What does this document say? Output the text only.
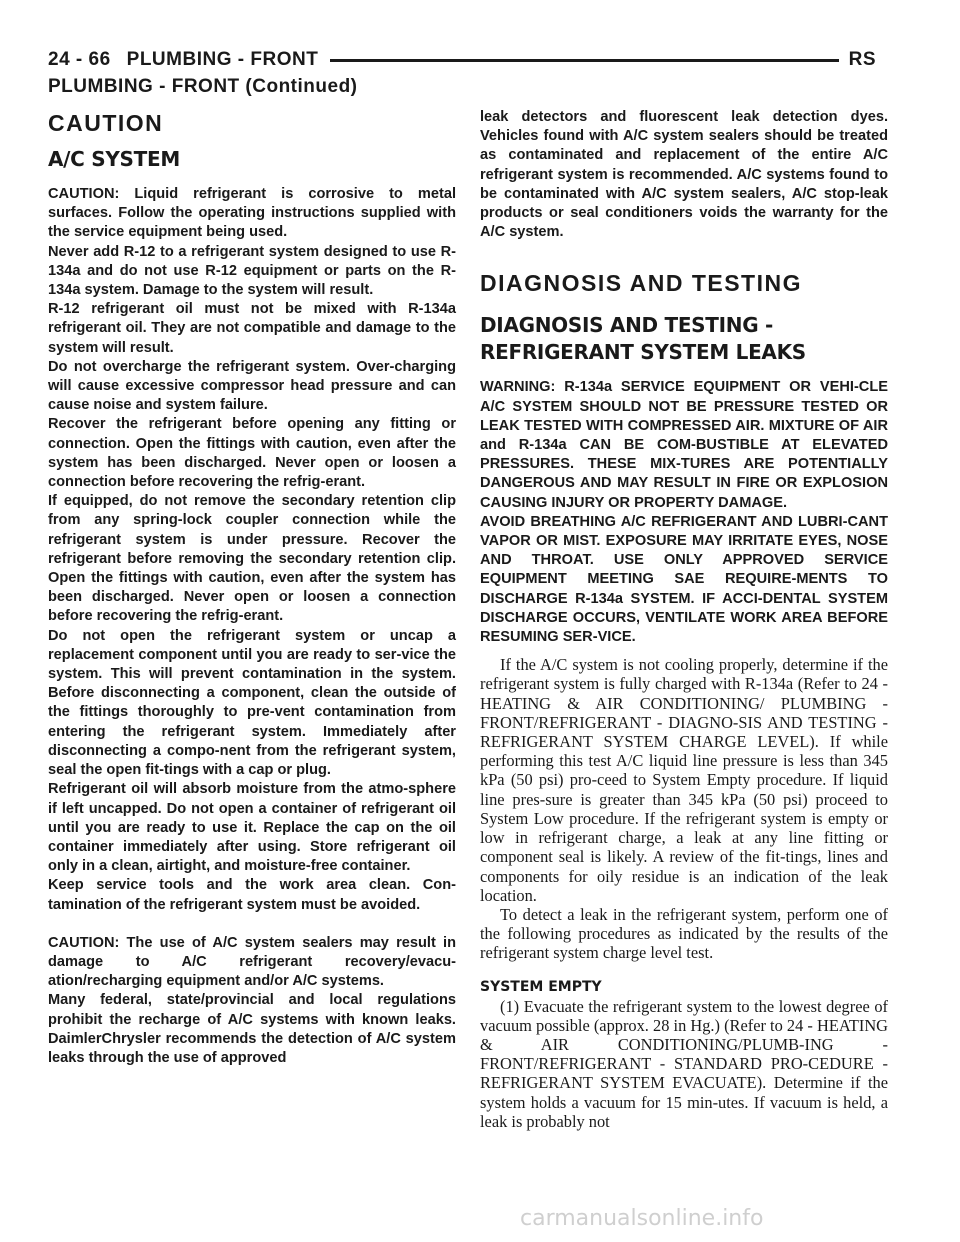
24 - 66 PLUMBING - FRONT	RS
PLUMBING - FRONT (Continued)
CAUTION
A/C SYSTEM

CAUTION: Liquid refrigerant is corrosive to metal surfaces. Follow the operating instructions supplied with the service equipment being used.

Never add R-12 to a refrigerant system designed to use R-134a and do not use R-12 equipment or parts on the R-134a system. Damage to the system will result.

R-12 refrigerant oil must not be mixed with R-134a refrigerant oil. They are not compatible and damage to the system will result.

Do not overcharge the refrigerant system. Over-charging will cause excessive compressor head pressure and can cause noise and system failure.

Recover the refrigerant before opening any fitting or connection. Open the fittings with caution, even after the system has been discharged. Never open or loosen a connection before recovering the refrig-erant.

If equipped, do not remove the secondary retention clip from any spring-lock coupler connection while the refrigerant system is under pressure. Recover the refrigerant before removing the secondary retention clip. Open the fittings with caution, even after the system has been discharged. Never open or loosen a connection before recovering the refrig-erant.

Do not open the refrigerant system or uncap a replacement component until you are ready to ser-vice the system. This will prevent contamination in the system. Before disconnecting a component, clean the outside of the fittings thoroughly to pre-vent contamination from entering the refrigerant system. Immediately after disconnecting a compo-nent from the refrigerant system, seal the open fit-tings with a cap or plug.

Refrigerant oil will absorb moisture from the atmo-sphere if left uncapped. Do not open a container of refrigerant oil until you are ready to use it. Replace the cap on the oil container immediately after using. Store refrigerant oil only in a clean, airtight, and moisture-free container.

Keep service tools and the work area clean. Con-tamination of the refrigerant system must be avoided.

CAUTION: The use of A/C system sealers may result in damage to A/C refrigerant recovery/evacu-ation/recharging equipment and/or A/C systems.

Many federal, state/provincial and local regulations prohibit the recharge of A/C systems with known leaks. DaimlerChrysler recommends the detection of A/C system leaks through the use of approved

leak detectors and fluorescent leak detection dyes. Vehicles found with A/C system sealers should be treated as contaminated and replacement of the entire A/C refrigerant system is recommended. A/C systems found to be contaminated with A/C system sealers, A/C stop-leak products or seal conditioners voids the warranty for the A/C system.

DIAGNOSIS AND TESTING
DIAGNOSIS AND TESTING - REFRIGERANT SYSTEM LEAKS

WARNING: R-134a SERVICE EQUIPMENT OR VEHI-CLE A/C SYSTEM SHOULD NOT BE PRESSURE TESTED OR LEAK TESTED WITH COMPRESSED AIR. MIXTURE OF AIR and R-134a CAN BE COM-BUSTIBLE AT ELEVATED PRESSURES. THESE MIX-TURES ARE POTENTIALLY DANGEROUS AND MAY RESULT IN FIRE OR EXPLOSION CAUSING INJURY OR PROPERTY DAMAGE.

AVOID BREATHING A/C REFRIGERANT AND LUBRI-CANT VAPOR OR MIST. EXPOSURE MAY IRRITATE EYES, NOSE AND THROAT. USE ONLY APPROVED SERVICE EQUIPMENT MEETING SAE REQUIRE-MENTS TO DISCHARGE R-134a SYSTEM. IF ACCI-DENTAL SYSTEM DISCHARGE OCCURS, VENTILATE WORK AREA BEFORE RESUMING SER-VICE.

If the A/C system is not cooling properly, determine if the refrigerant system is fully charged with R-134a (Refer to 24 - HEATING & AIR CONDITIONING/ PLUMBING - FRONT/REFRIGERANT - DIAGNO-SIS AND TESTING - REFRIGERANT SYSTEM CHARGE LEVEL). If while performing this test A/C liquid line pressure is less than 345 kPa (50 psi) pro-ceed to System Empty procedure. If liquid line pres-sure is greater than 345 kPa (50 psi) proceed to System Low procedure. If the refrigerant system is empty or low in refrigerant charge, a leak at any line fitting or component seal is likely. A review of the fit-tings, lines and components for oily residue is an indication of the leak location.

To detect a leak in the refrigerant system, perform one of the following procedures as indicated by the results of the refrigerant system charge level test.

SYSTEM EMPTY

(1) Evacuate the refrigerant system to the lowest degree of vacuum possible (approx. 28 in Hg.) (Refer to 24 - HEATING & AIR CONDITIONING/PLUMB-ING - FRONT/REFRIGERANT - STANDARD PRO-CEDURE - REFRIGERANT SYSTEM EVACUATE). Determine if the system holds a vacuum for 15 min-utes. If vacuum is held, a leak is probably not

carmanualsonline.info
